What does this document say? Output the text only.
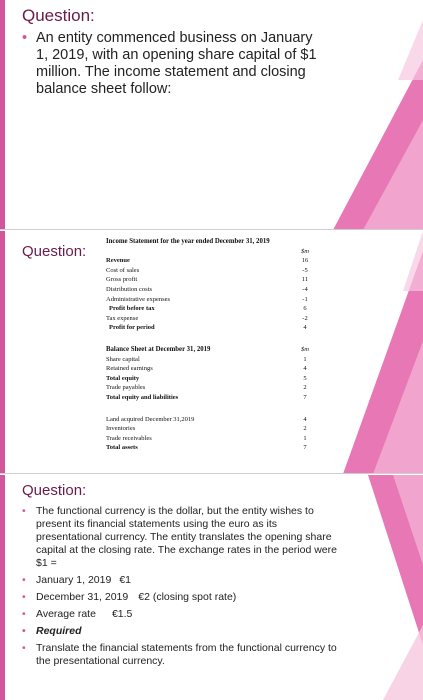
Question:
• An entity commenced business on January 1, 2019, with an opening share capital of $1 million. The income statement and closing balance sheet follow:
Question:
Income Statement for the year ended December 31, 2019
$m
Revenue	16
Cost of sales	-5
Gross profit	11
Distribution costs	-4
Administrative expenses	-1
Profit before tax	6
Tax expense	-2
Profit for period	4
Balance Sheet at December 31, 2019	$m
Share capital	1
Retained earnings	4
Total equity	5
Trade payables	2
Total equity and liabilities	7
Land acquired December 31,2019	4
Inventories	2
Trade receivables	1
Total assets	7
Question:
• The functional currency is the dollar, but the entity wishes to present its financial statements using the euro as its presentational currency. The entity translates the opening share capital at the closing rate. The exchange rates in the period were $1 =
• January 1, 2019 €1
• December 31, 2019 €2 (closing spot rate)
• Average rate €1.5
• Required
• Translate the financial statements from the functional currency to the presentational currency.
